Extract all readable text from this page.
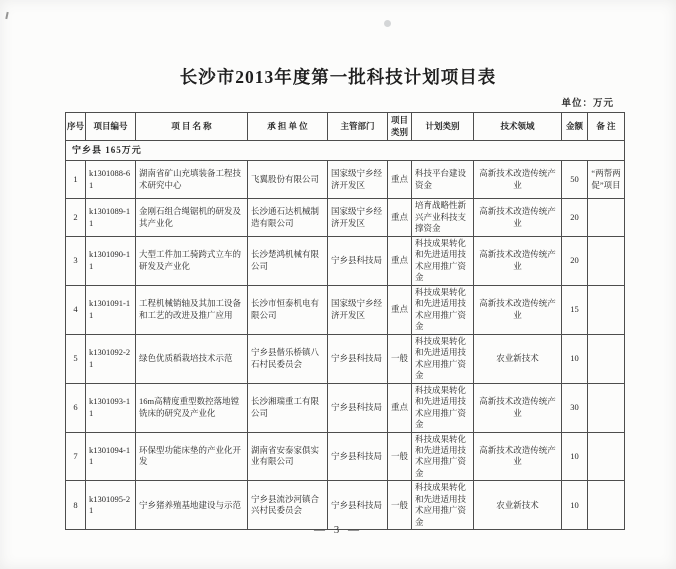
长沙市2013年度第一批科技计划项目表
单位：万元
序号	项目编号	项 目 名 称	承 担 单 位	主管部门	项目类别	计划类别	技术领域	金额	备 注
宁乡县 165万元									
1	k1301088-61	湖南省矿山充填装备工程技术研究中心	飞翼股份有限公司	国家级宁乡经济开发区	重点	科技平台建设资金	高新技术改造传统产业	50	“两帮两促”项目
2	k1301089-11	金刚石组合绳锯机的研发及其产业化	长沙通石达机械制造有限公司	国家级宁乡经济开发区	重点	培育战略性新兴产业科技支撑资金	高新技术改造传统产业	20	
3	k1301090-11	大型工件加工骑跨式立车的研发及产业化	长沙楚鸿机械有限公司	宁乡县科技局	重点	科技成果转化和先进适用技术应用推广资金	高新技术改造传统产业	20	
4	k1301091-11	工程机械销轴及其加工设备和工艺的改进及推广应用	长沙市恒泰机电有限公司	国家级宁乡经济开发区	重点	科技成果转化和先进适用技术应用推广资金	高新技术改造传统产业	15	
5	k1301092-21	绿色优质稻栽培技术示范	宁乡县偕乐桥镇八石村民委员会	宁乡县科技局	一般	科技成果转化和先进适用技术应用推广资金	农业新技术	10	
6	k1301093-11	16m高精度重型数控落地镗铣床的研究及产业化	长沙湘瑞重工有限公司	宁乡县科技局	重点	科技成果转化和先进适用技术应用推广资金	高新技术改造传统产业	30	
7	k1301094-11	环保型功能床垫的产业化开发	湖南省安泰家俱实业有限公司	宁乡县科技局	一般	科技成果转化和先进适用技术应用推广资金	高新技术改造传统产业	10	
8	k1301095-21	宁乡猪养殖基地建设与示范	宁乡县流沙河镇合兴村民委员会	宁乡县科技局	一般	科技成果转化和先进适用技术应用推广资金	农业新技术	10	
— 3 —
